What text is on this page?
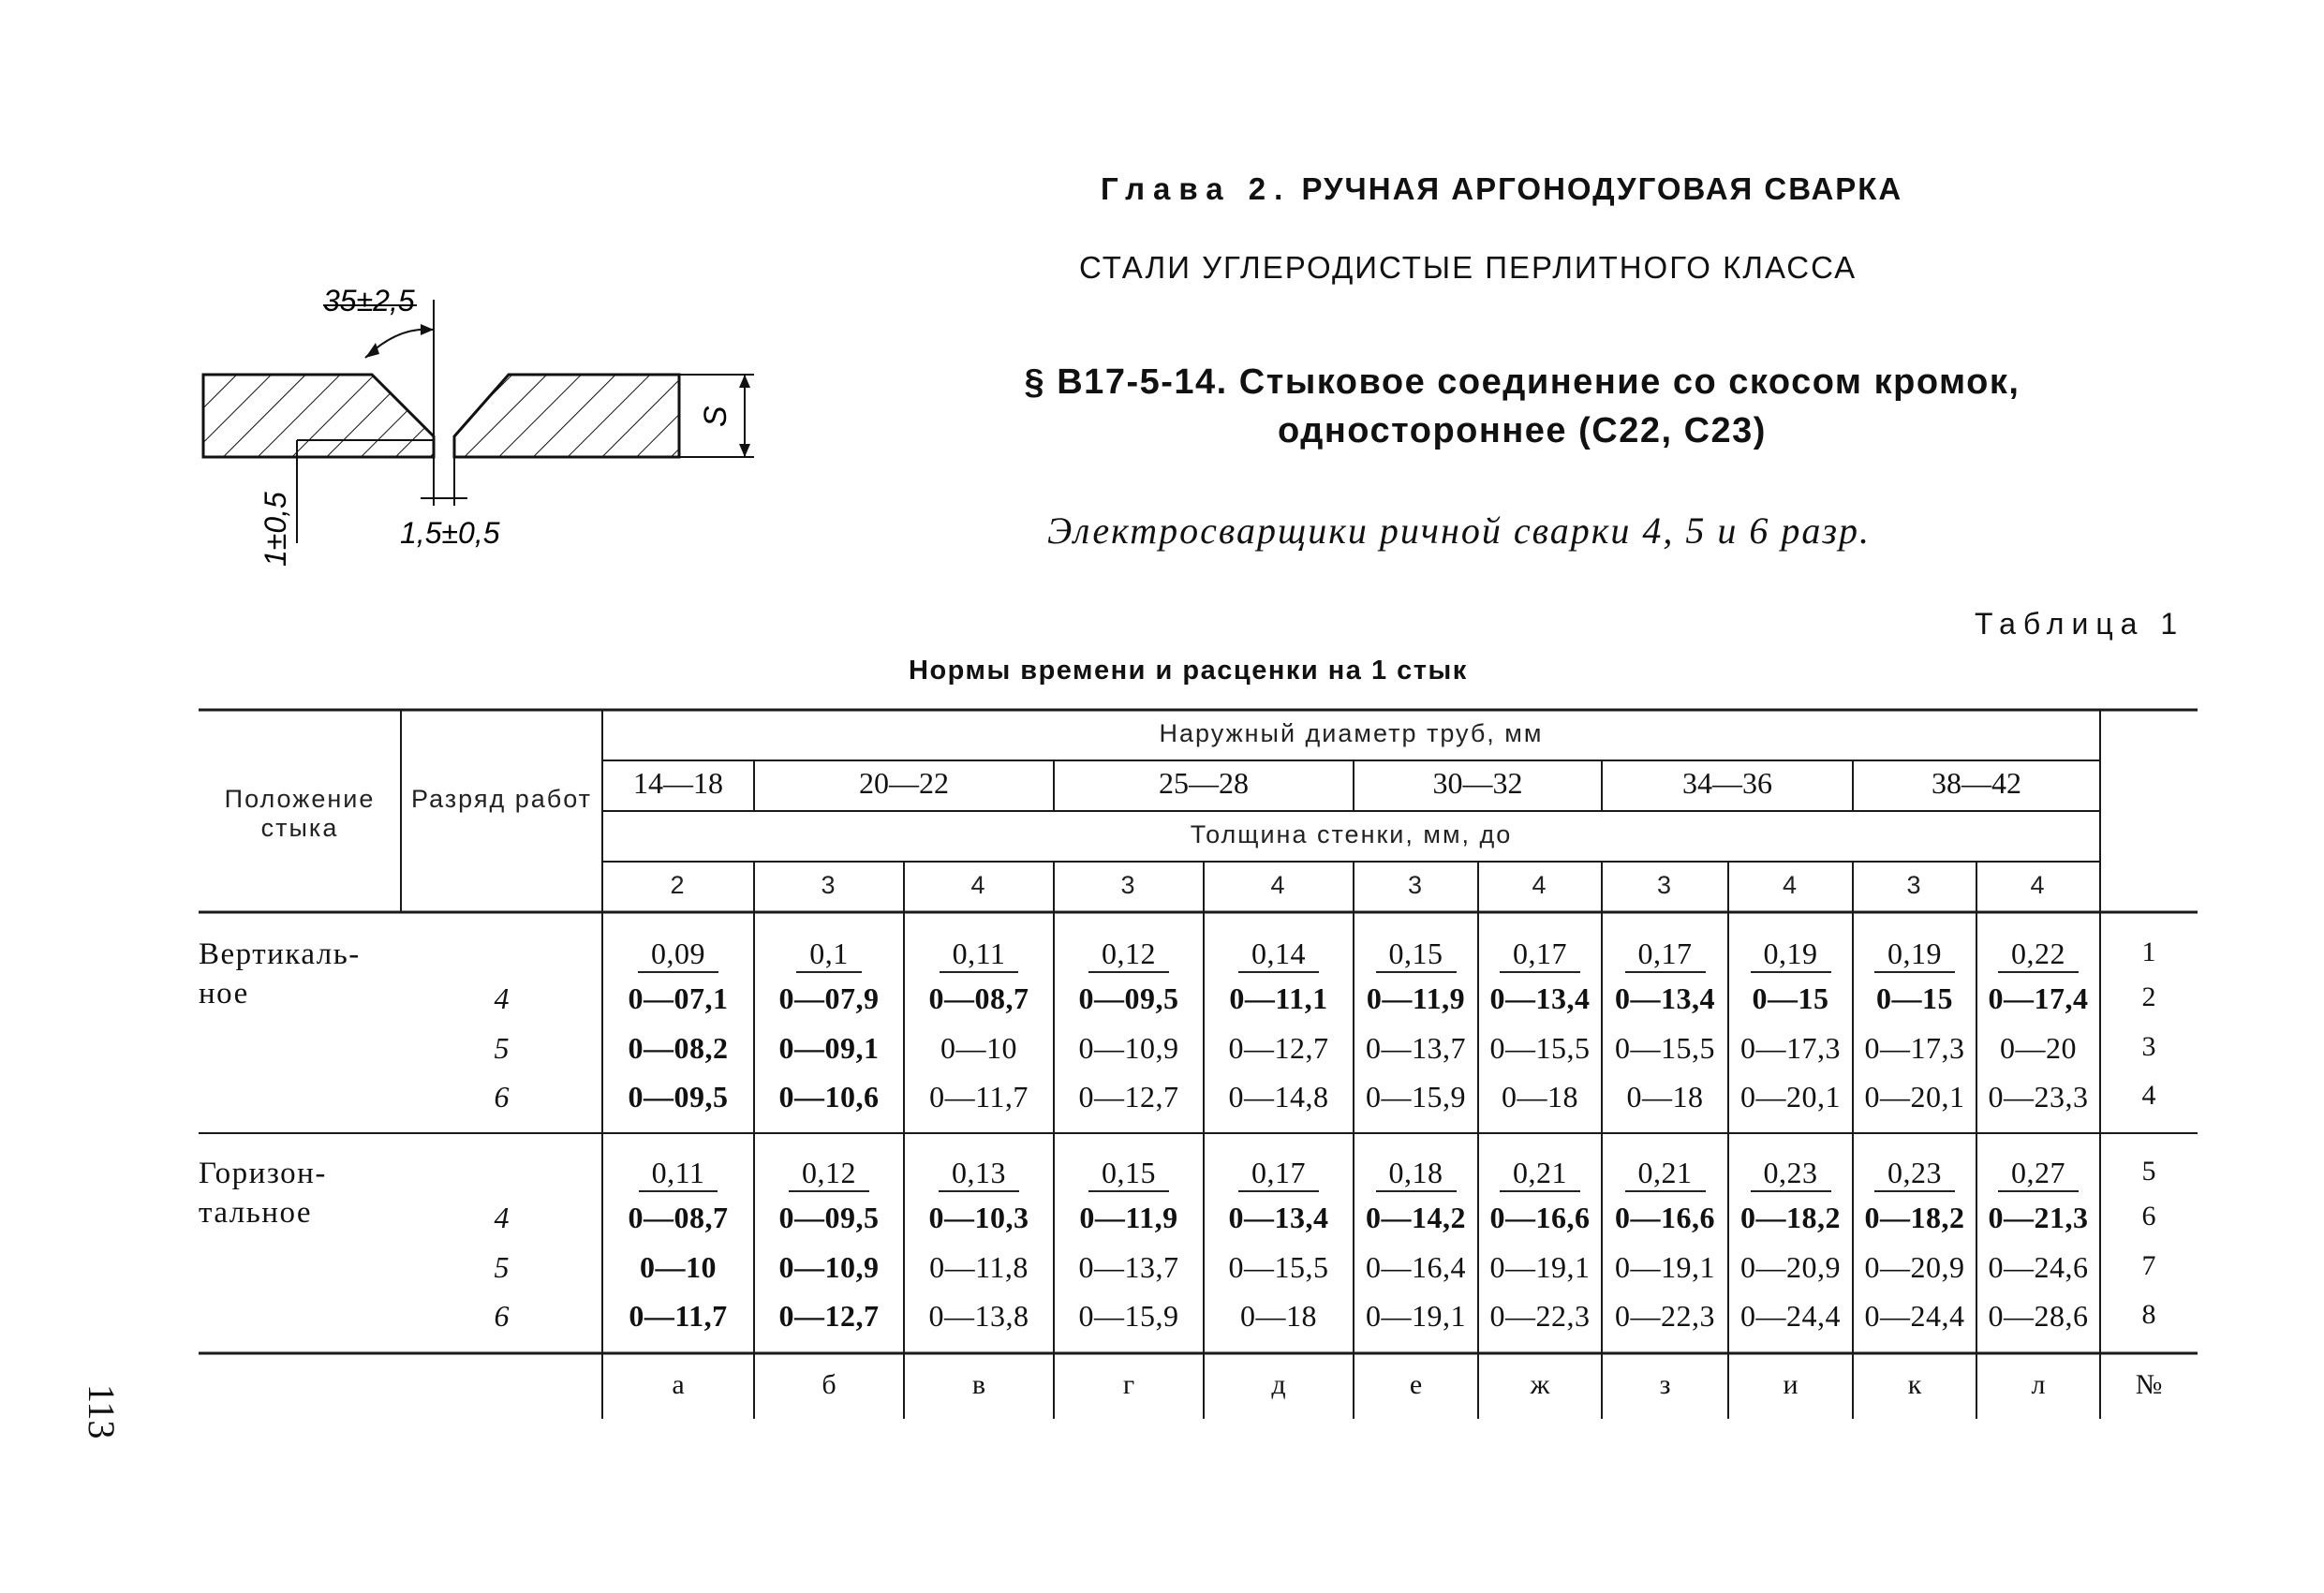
Глава 2. РУЧНАЯ АРГОНОДУГОВАЯ СВАРКА
СТАЛИ УГЛЕРОДИСТЫЕ ПЕРЛИТНОГО КЛАССА
§ В17-5-14. Стыковое соединение со скосом кромок,
одностороннее (С22, С23)
Электросварщики ричной сварки 4, 5 и 6 разр.
Таблица 1
Нормы времени и расценки на 1 стык
113
35±2,5
1±0,5	1,5±0,5
S
Положение стыка
Разряд работ
Наружный диаметр труб, мм
14—18	20—22	25—28	30—32	34—36	38—42
Толщина стенки, мм, до
2	3	4	3	4	3	4	3	4	3	4
Вертикаль-ное
0,09	0,1	0,11	0,12	0,14	0,15	0,17	0,17	0,19	0,19	0,22	1
4	0—07,1	0—07,9	0—08,7	0—09,5	0—11,1	0—11,9 0—13,4 0—13,4	0—15	0—15	0—17,4	2
5	0—08,2	0—09,1	0—10	0—10,9	0—12,7	0—13,7 0—15,5 0—15,5 0—17,3 0—17,3	0—20	3
6	0—09,5	0—10,6	0—11,7	0—12,7	0—14,8	0—15,9	0—18	0—18	0—20,1 0—20,1 0—23,3	4
Горизон-тальное
0,11	0,12	0,13	0,15	0,17	0,18	0,21	0,21	0,23	0,23	0,27	5
4	0—08,7	0—09,5	0—10,3	0—11,9	0—13,4	0—14,2 0—16,6 0—16,6 0—18,2 0—18,2 0—21,3	6
5	0—10	0—10,9	0—11,8	0—13,7	0—15,5	0—16,4 0—19,1 0—19,1 0—20,9 0—20,9 0—24,6	7
6	0—11,7	0—12,7	0—13,8	0—15,9	0—18	0—19,1 0—22,3 0—22,3 0—24,4 0—24,4 0—28,6	8
а	б	в	г	д	е	ж	з	и	к	л	№
